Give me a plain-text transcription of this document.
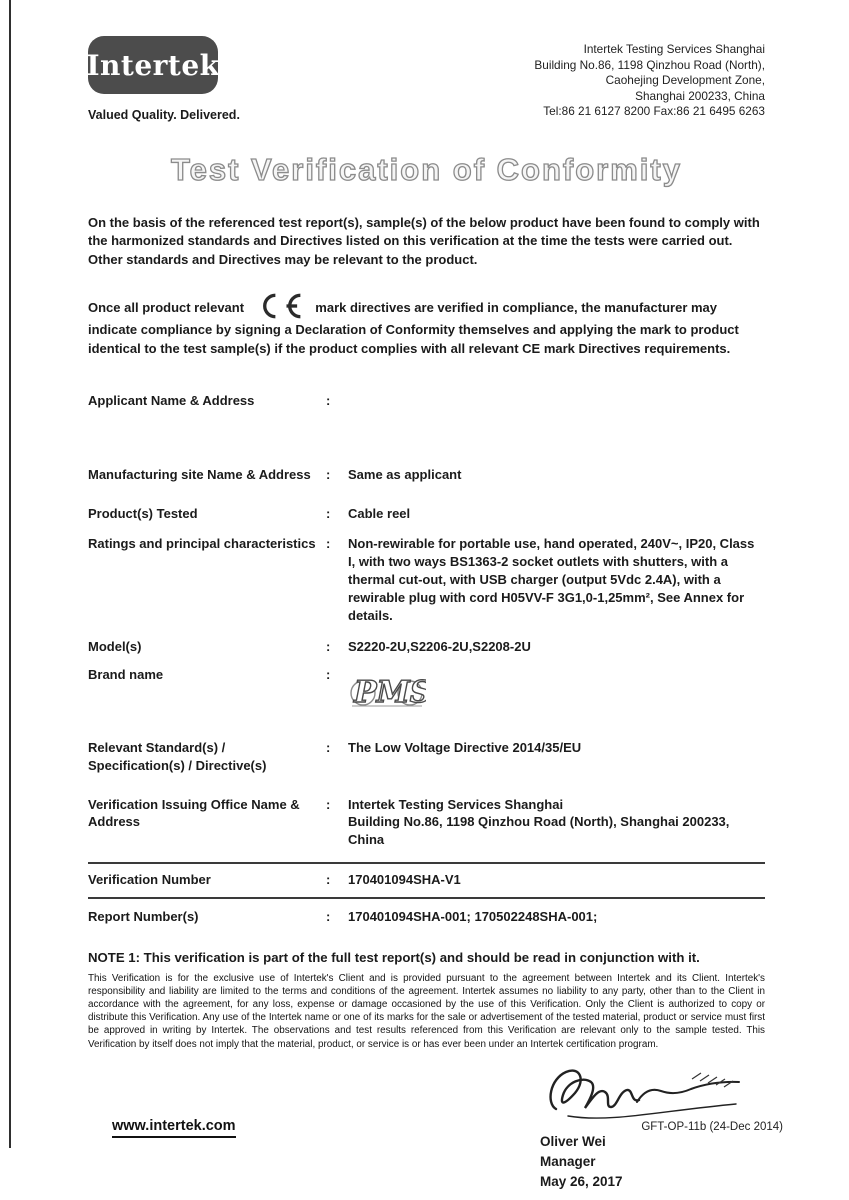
Intertek
Valued Quality. Delivered.
Intertek Testing Services Shanghai
Building No.86, 1198 Qinzhou Road (North),
Caohejing Development Zone,
Shanghai 200233, China
Tel:86 21 6127 8200 Fax:86 21 6495 6263
Test Verification of Conformity

On the basis of the referenced test report(s), sample(s) of the below product have been found to comply with the harmonized standards and Directives listed on this verification at the time the tests were carried out. Other standards and Directives may be relevant to the product.

Once all product relevant	mark directives are verified in compliance, the manufacturer may indicate compliance by signing a Declaration of Conformity themselves and applying the mark to product identical to the test sample(s) if the product complies with all relevant CE mark Directives requirements.

Applicant Name & Address	:
Manufacturing site Name & Address	:	Same as applicant
Product(s) Tested	:	Cable reel
Ratings and principal characteristics :	Non-rewirable for portable use, hand operated, 240V~, IP20, Class I, with two ways BS1363-2 socket outlets with shutters, with a thermal cut-out, with USB charger (output 5Vdc 2.4A), with a rewirable plug with cord H05VV-F 3G1,0-1,25mm², See Annex for details.
Model(s)	:	S2220-2U,S2206-2U,S2208-2U
Brand name	:
PMS
Relevant Standard(s) / Specification(s) / Directive(s)
:	The Low Voltage Directive 2014/35/EU
Verification Issuing Office Name & Address
:	Intertek Testing Services Shanghai
Building No.86, 1198 Qinzhou Road (North), Shanghai 200233, China
Verification Number	:	170401094SHA-V1
Report Number(s)	:	170401094SHA-001; 170502248SHA-001;
NOTE 1: This verification is part of the full test report(s) and should be read in conjunction with it.
This Verification is for the exclusive use of Intertek's Client and is provided pursuant to the agreement between Intertek and its Client. Intertek's responsibility and liability are limited to the terms and conditions of the agreement. Intertek assumes no liability to any party, other than to the Client in accordance with the agreement, for any loss, expense or damage occasioned by the use of this Verification. Only the Client is authorized to copy or distribute this Verification. Any use of the Intertek name or one of its marks for the sale or advertisement of the tested material, product or service must first be approved in writing by Intertek. The observations and test results referenced from this Verification are relevant only to the sample tested. This Verification by itself does not imply that the material, product, or service is or has ever been under an Intertek certification program.
Oliver Wei
Manager
May 26, 2017
www.intertek.com	GFT-OP-11b (24-Dec 2014)
